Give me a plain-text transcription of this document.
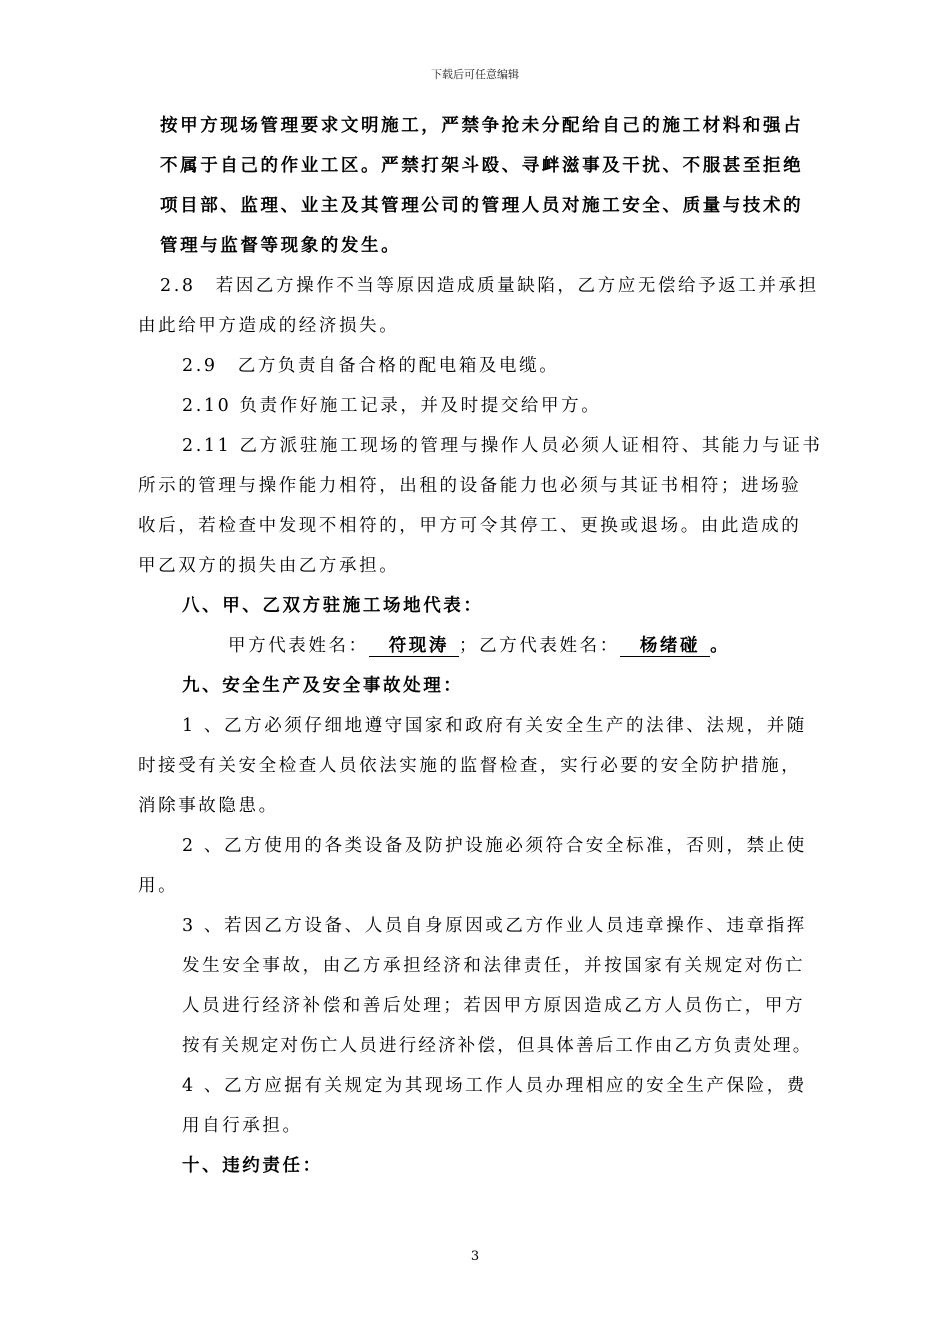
下载后可任意编辑
按甲方现场管理要求文明施工，严禁争抢未分配给自己的施工材料和强占
不属于自己的作业工区。严禁打架斗殴、寻衅滋事及干扰、不服甚至拒绝
项目部、监理、业主及其管理公司的管理人员对施工安全、质量与技术的
管理与监督等现象的发生。
2.8　若因乙方操作不当等原因造成质量缺陷，乙方应无偿给予返工并承担
由此给甲方造成的经济损失。
2.9　乙方负责自备合格的配电箱及电缆。
2.10 负责作好施工记录，并及时提交给甲方。
2.11 乙方派驻施工现场的管理与操作人员必须人证相符、其能力与证书
所示的管理与操作能力相符，出租的设备能力也必须与其证书相符；进场验
收后，若检查中发现不相符的，甲方可令其停工、更换或退场。由此造成的
甲乙双方的损失由乙方承担。
八、甲、乙双方驻施工场地代表：
甲方代表姓名： 符现涛 ；乙方代表姓名： 杨绪碰 。
九、安全生产及安全事故处理：
1 、乙方必须仔细地遵守国家和政府有关安全生产的法律、法规，并随
时接受有关安全检查人员依法实施的监督检查，实行必要的安全防护措施，
消除事故隐患。
2 、乙方使用的各类设备及防护设施必须符合安全标准，否则，禁止使
用。
3 、若因乙方设备、人员自身原因或乙方作业人员违章操作、违章指挥
发生安全事故，由乙方承担经济和法律责任，并按国家有关规定对伤亡
人员进行经济补偿和善后处理；若因甲方原因造成乙方人员伤亡，甲方
按有关规定对伤亡人员进行经济补偿，但具体善后工作由乙方负责处理。
4 、乙方应据有关规定为其现场工作人员办理相应的安全生产保险，费
用自行承担。
十、违约责任：
3
